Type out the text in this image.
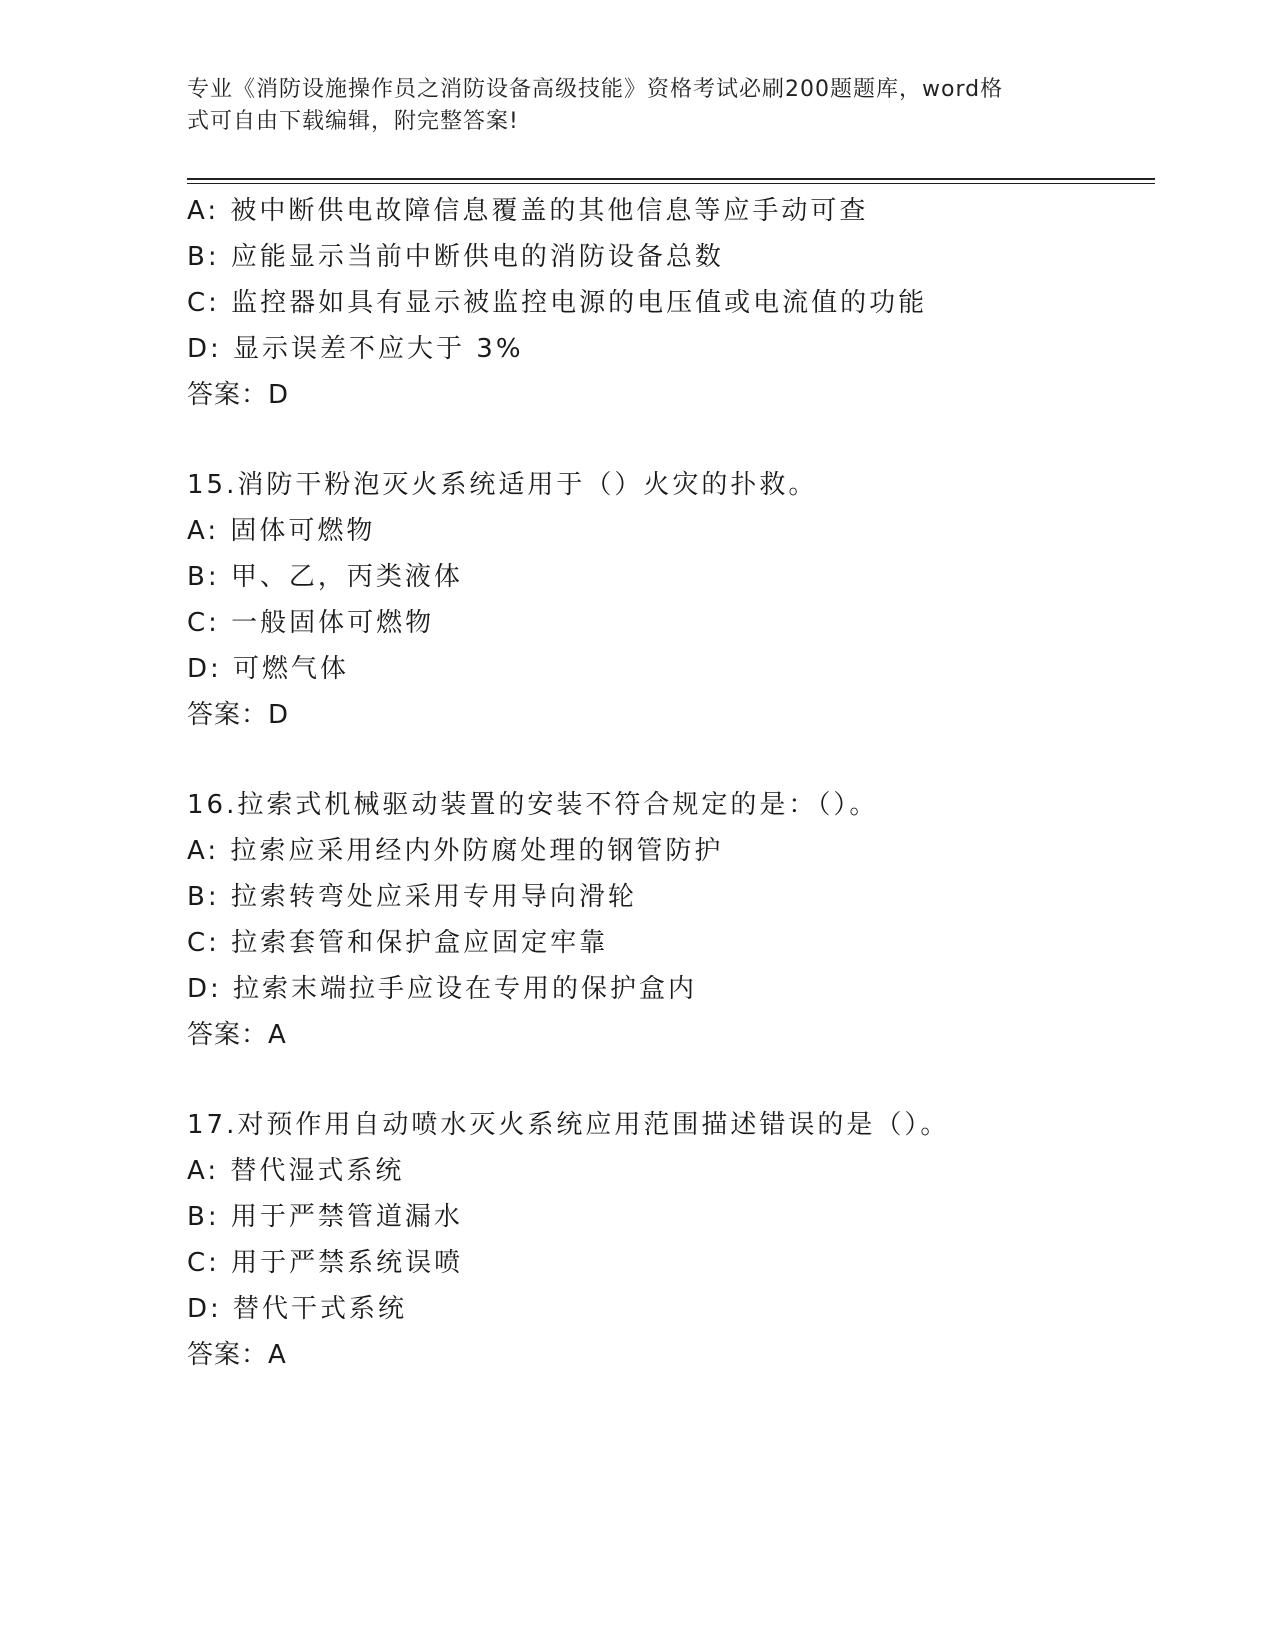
专业《消防设施操作员之消防设备高级技能》资格考试必刷200题题库，word格
式可自由下载编辑，附完整答案!
A: 被中断供电故障信息覆盖的其他信息等应手动可查
B: 应能显示当前中断供电的消防设备总数
C: 监控器如具有显示被监控电源的电压值或电流值的功能
D: 显示误差不应大于 3%
答案：D
15.消防干粉泡灭火系统适用于（）火灾的扑救。
A: 固体可燃物
B: 甲、乙，丙类液体
C: 一般固体可燃物
D: 可燃气体
答案：D
16.拉索式机械驱动装置的安装不符合规定的是：（）。
A: 拉索应采用经内外防腐处理的钢管防护
B: 拉索转弯处应采用专用导向滑轮
C: 拉索套管和保护盒应固定牢靠
D: 拉索末端拉手应设在专用的保护盒内
答案：A
17.对预作用自动喷水灭火系统应用范围描述错误的是（）。
A: 替代湿式系统
B: 用于严禁管道漏水
C: 用于严禁系统误喷
D: 替代干式系统
答案：A
